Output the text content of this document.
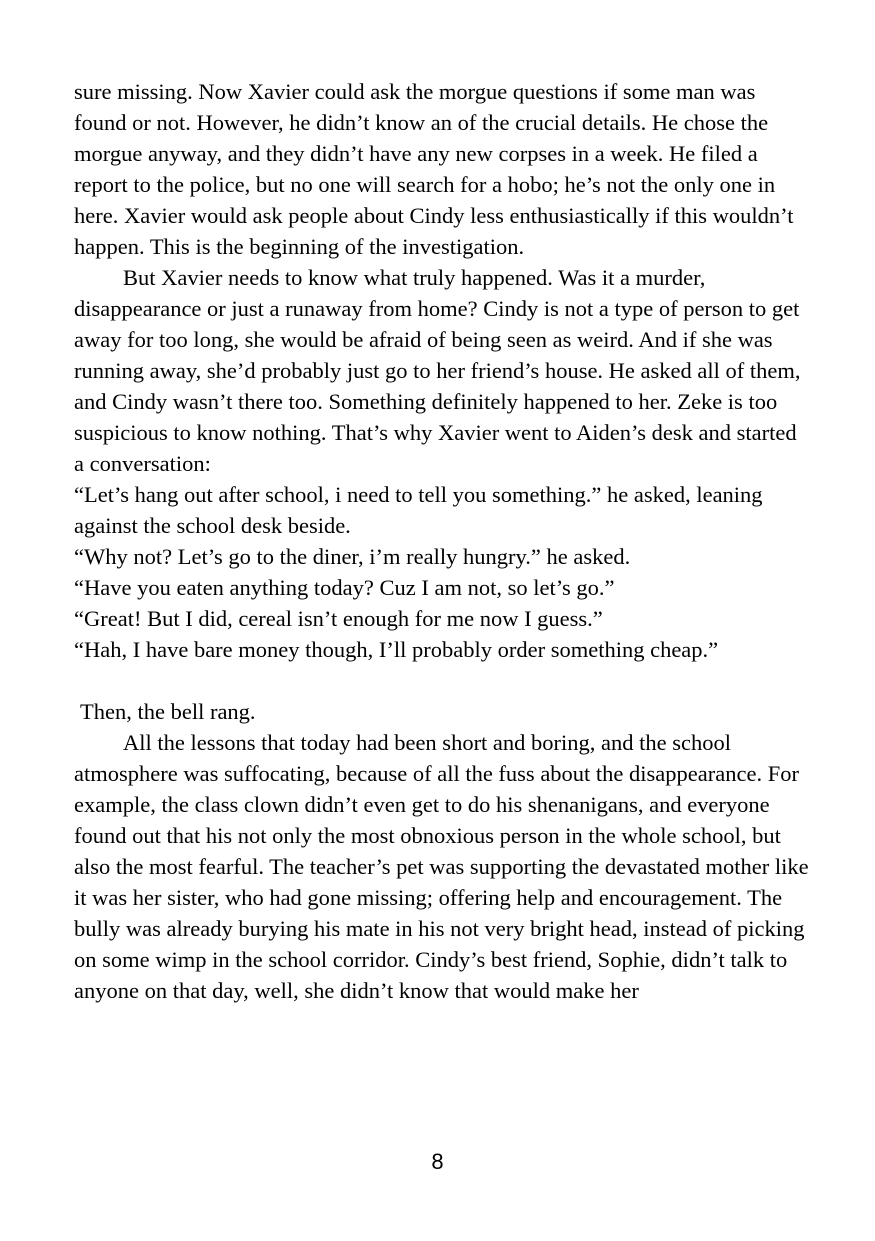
sure missing. Now Xavier could ask the morgue questions if some man was found or not. However, he didn’t know an of the crucial details. He chose the morgue anyway, and they didn’t have any new corpses in a week. He filed a report to the police, but no one will search for a hobo; he’s not the only one in here. Xavier would ask people about Cindy less enthusiastically if this wouldn’t happen. This is the beginning of the investigation.

But Xavier needs to know what truly happened. Was it a murder, disappearance or just a runaway from home? Cindy is not a type of person to get away for too long, she would be afraid of being seen as weird. And if she was running away, she’d probably just go to her friend’s house. He asked all of them, and Cindy wasn’t there too. Something definitely happened to her. Zeke is too suspicious to know nothing. That’s why Xavier went to Aiden’s desk and started a conversation:

“Let’s hang out after school, i need to tell you something.” he asked, leaning against the school desk beside.

“Why not? Let’s go to the diner, i’m really hungry.” he asked.

“Have you eaten anything today? Cuz I am not, so let’s go.”

“Great! But I did, cereal isn’t enough for me now I guess.”

“Hah, I have bare money though, I’ll probably order something cheap.”

Then, the bell rang.

All the lessons that today had been short and boring, and the school atmosphere was suffocating, because of all the fuss about the disappearance. For example, the class clown didn’t even get to do his shenanigans, and everyone found out that his not only the most obnoxious person in the whole school, but also the most fearful. The teacher’s pet was supporting the devastated mother like it was her sister, who had gone missing; offering help and encouragement. The bully was already burying his mate in his not very bright head, instead of picking on some wimp in the school corridor. Cindy’s best friend, Sophie, didn’t talk to anyone on that day, well, she didn’t know that would make her

8
